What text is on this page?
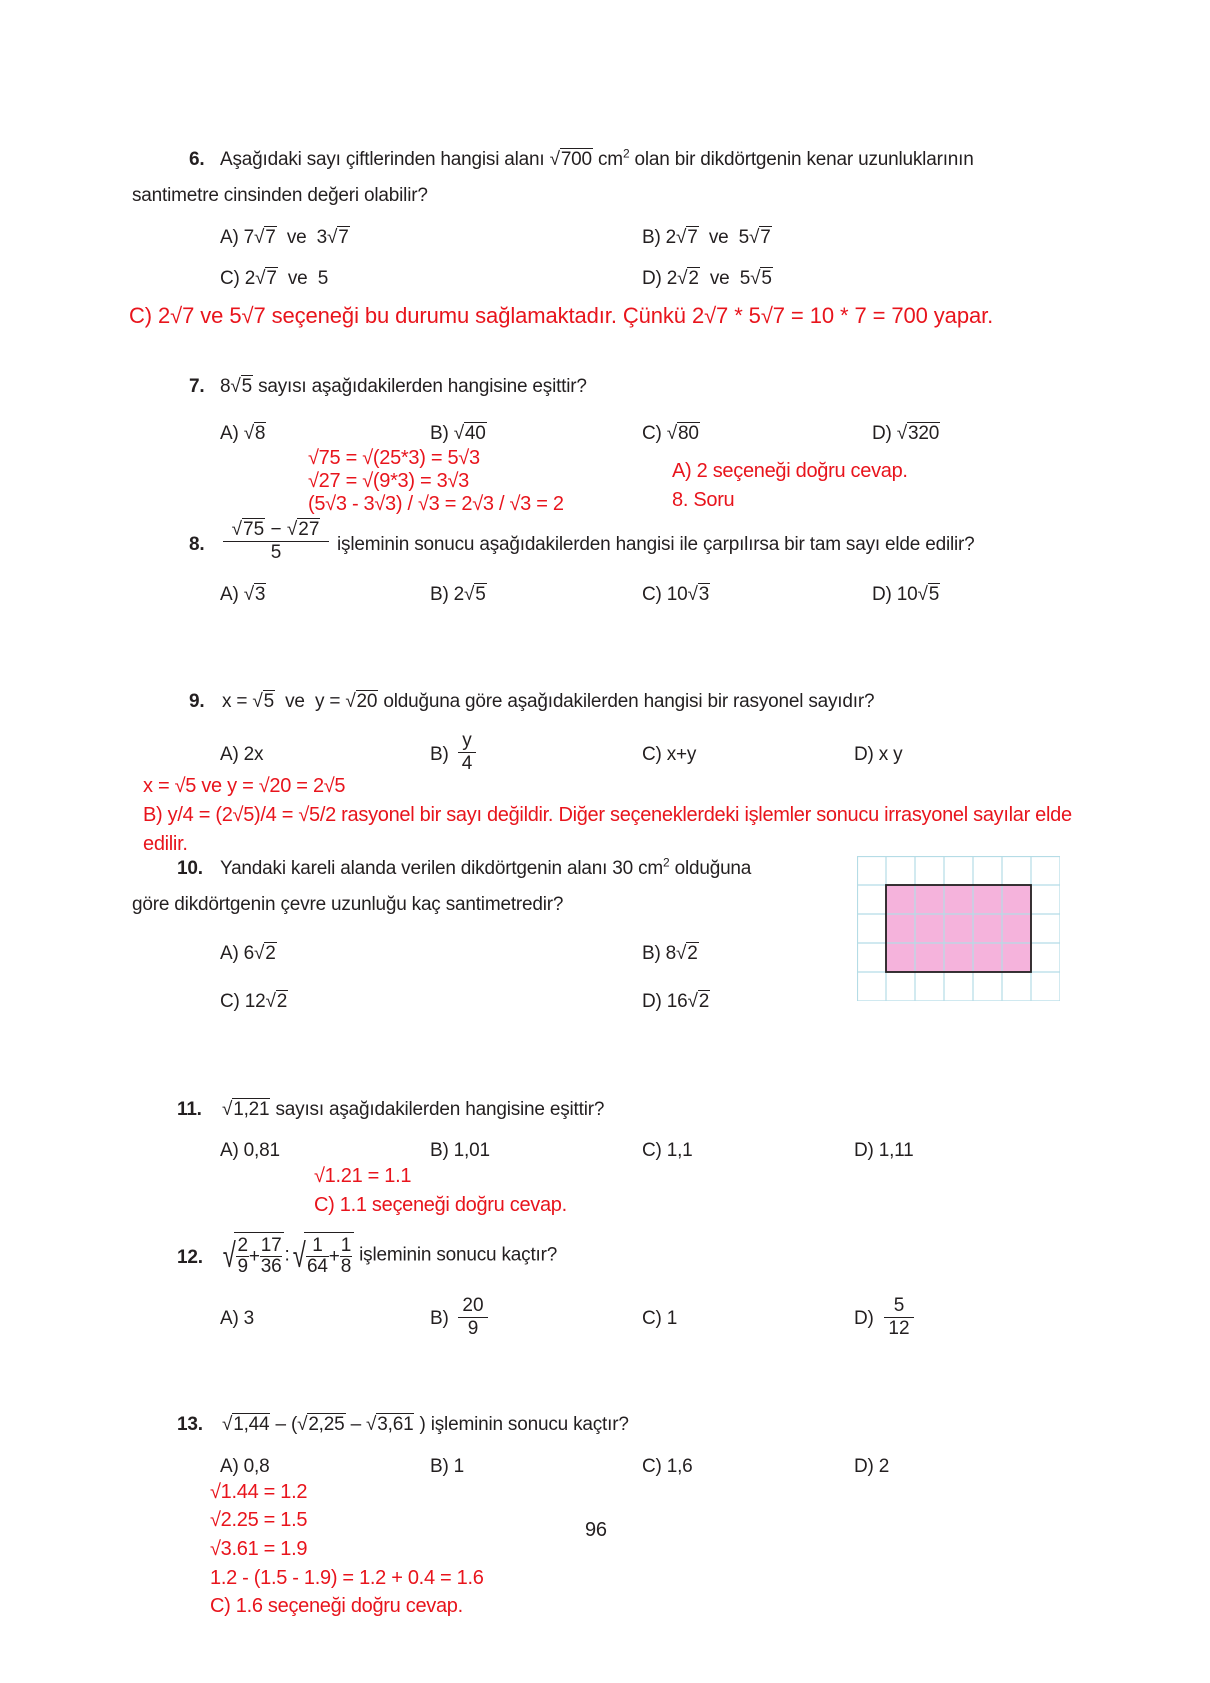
6. Aşağıdaki sayı çiftlerinden hangisi alanı √700 $cm^2$ olan bir dikdörtgenin kenar uzunluklarının
santimetre cinsinden değeri olabilir?
A) 7√7  ve  3√7	B) 2√7  ve  5√7
C) 2√7  ve  5	D) 2√2  ve  5√5
C) 2√7 ve 5√7 seçeneği bu durumu sağlamaktadır. Çünkü 2√7 * 5√7 = 10 * 7 = 700 yapar.
7. 8√5 sayısı aşağıdakilerden hangisine eşittir?
A) √8	B) √40	C) √80	D) √320
A) 2 seçeneği doğru cevap.
8. Soru
√75 = √(25*3) = 5√3
√27 = √(9*3) = 3√3
(5√3 - 3√3) / √3 = 2√3 / √3 = 2
8. $\frac{√75 - √27}{5}$ işleminin sonucu aşağıdakilerden hangisi ile çarpılırsa bir tam sayı elde edilir?
A) √3	B) 2√5	C) 10√3	D) 10√5
9. x = √5  ve  y = √20 olduğuna göre aşağıdakilerden hangisi bir rasyonel sayıdır?
A) 2x	$B) \frac{y}{4}$	C) x+y	D) x y
x = √5 ve y = √20 = 2√5
B) y/4 = (2√5)/4 = √5/2 rasyonel bir sayı değildir. Diğer seçeneklerdeki işlemler sonucu irrasyonel sayılar elde
edilir.
10. Yandaki kareli alanda verilen dikdörtgenin alanı 30 $cm^2$ olduğuna
göre dikdörtgenin çevre uzunluğu kaç santimetredir?
A) 6√2	B) 8√2
C) 12√2	D) 16√2
11. √1,21 sayısı aşağıdakilerden hangisine eşittir?
A) 0,81	B) 1,01	C) 1,1	D) 1,11
√1.21 = 1.1
C) 1.1 seçeneği doğru cevap.
12. √ $\frac{2}{9} + \frac{17}{36}$ :√ $\frac{1}{64} + \frac{1}{8}$ işleminin sonucu kaçtır?
A) 3	$B) \frac{20}{9}$	C) 1	$D) \frac{5}{12}$
13. √1,44 – (√2,25 – √3,61 ) işleminin sonucu kaçtır?
A) 0,8	B) 1	C) 1,6	D) 2
√1.44 = 1.2
√2.25 = 1.5
√3.61 = 1.9
1.2 - (1.5 - 1.9) = 1.2 + 0.4 = 1.6
C) 1.6 seçeneği doğru cevap.
96
